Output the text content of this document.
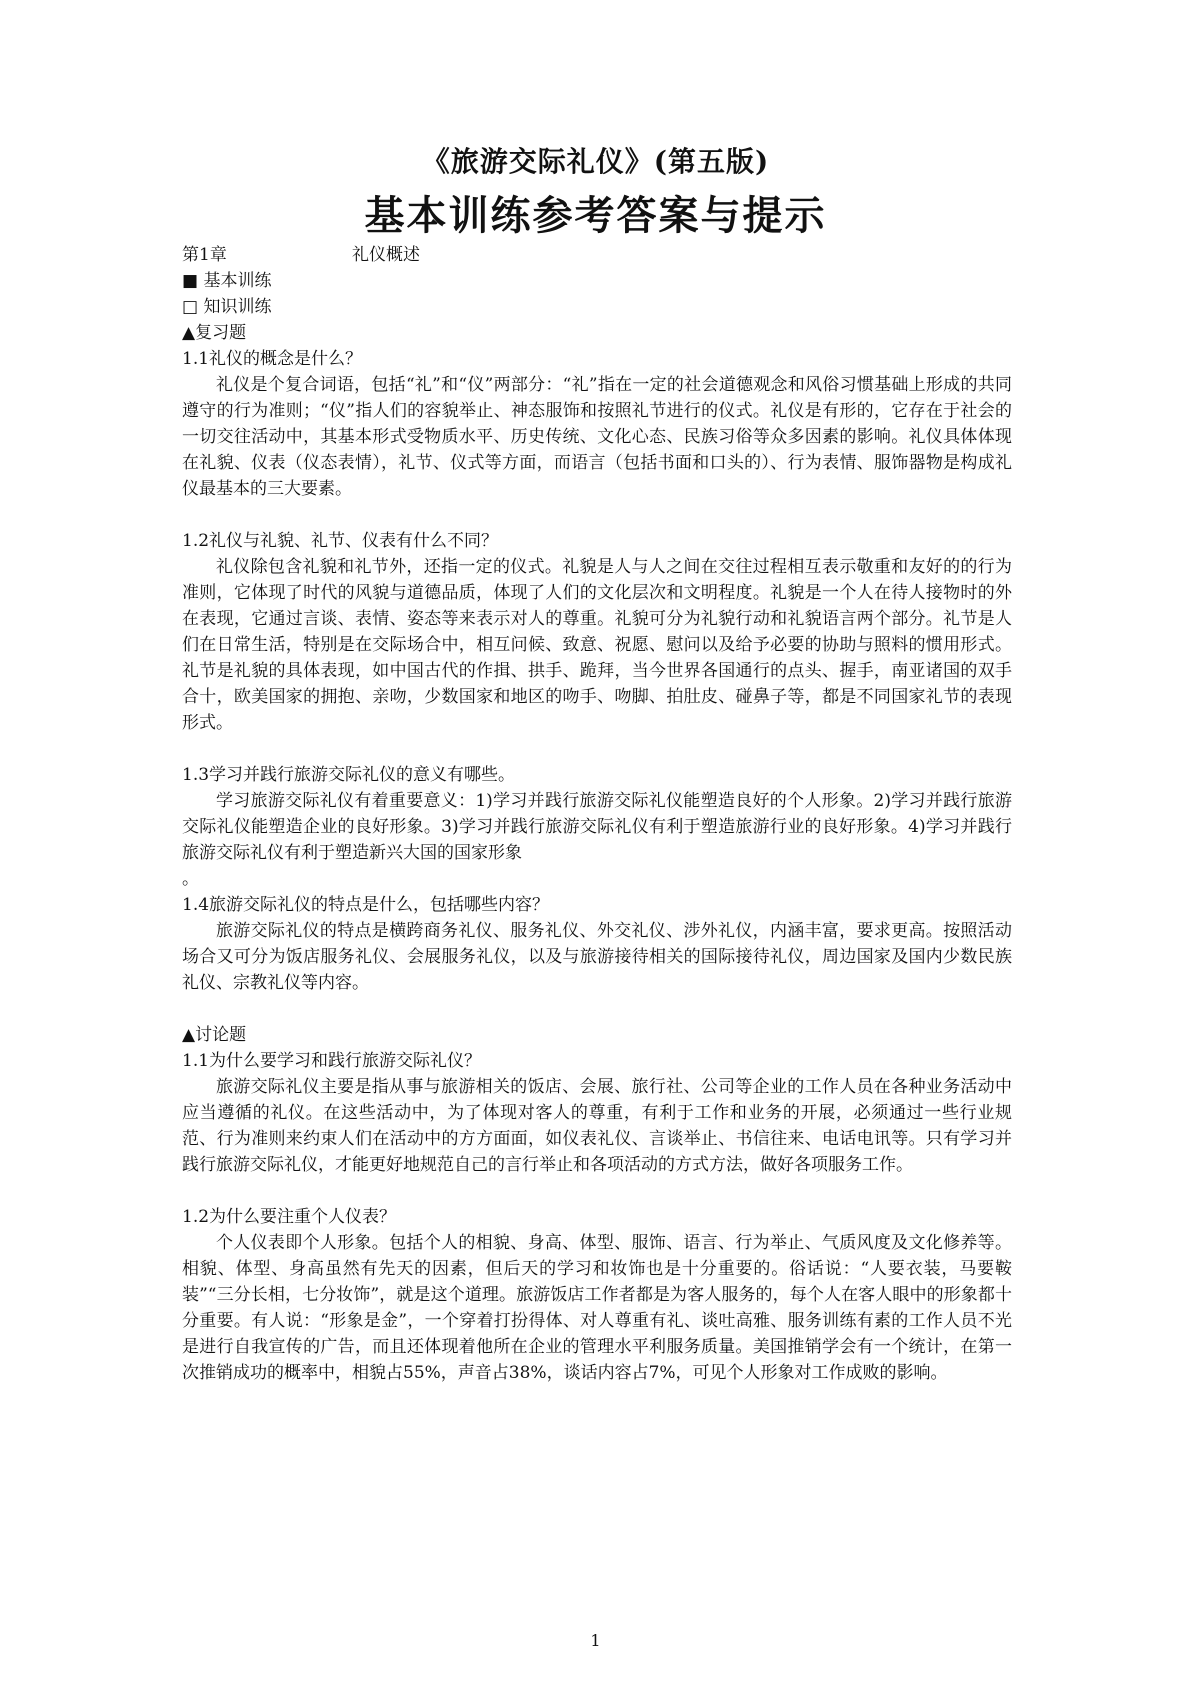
《旅游交际礼仪》(第五版)
基本训练参考答案与提示
第1章	礼仪概述
■ 基本训练
□ 知识训练
▲复习题
1.1礼仪的概念是什么？

礼仪是个复合词语，包括“礼”和“仪”两部分：“礼”指在一定的社会道德观念和风俗习惯基础上形成的共同遵守的行为准则；“仪”指人们的容貌举止、神态服饰和按照礼节进行的仪式。礼仪是有形的，它存在于社会的一切交往活动中，其基本形式受物质水平、历史传统、文化心态、民族习俗等众多因素的影响。礼仪具体体现在礼貌、仪表（仪态表情），礼节、仪式等方面，而语言（包括书面和口头的）、行为表情、服饰器物是构成礼仪最基本的三大要素。

1.2礼仪与礼貌、礼节、仪表有什么不同？

礼仪除包含礼貌和礼节外，还指一定的仪式。礼貌是人与人之间在交往过程相互表示敬重和友好的的行为准则，它体现了时代的风貌与道德品质，体现了人们的文化层次和文明程度。礼貌是一个人在待人接物时的外在表现，它通过言谈、表情、姿态等来表示对人的尊重。礼貌可分为礼貌行动和礼貌语言两个部分。礼节是人们在日常生活，特别是在交际场合中，相互问候、致意、祝愿、慰问以及给予必要的协助与照料的惯用形式。礼节是礼貌的具体表现，如中国古代的作揖、拱手、跪拜，当今世界各国通行的点头、握手，南亚诸国的双手合十，欧美国家的拥抱、亲吻，少数国家和地区的吻手、吻脚、拍肚皮、碰鼻子等，都是不同国家礼节的表现形式。

1.3学习并践行旅游交际礼仪的意义有哪些。

学习旅游交际礼仪有着重要意义：1)学习并践行旅游交际礼仪能塑造良好的个人形象。2)学习并践行旅游交际礼仪能塑造企业的良好形象。3)学习并践行旅游交际礼仪有利于塑造旅游行业的良好形象。4)学习并践行旅游交际礼仪有利于塑造新兴大国的国家形象

。
1.4旅游交际礼仪的特点是什么，包括哪些内容？

旅游交际礼仪的特点是横跨商务礼仪、服务礼仪、外交礼仪、涉外礼仪，内涵丰富，要求更高。按照活动场合又可分为饭店服务礼仪、会展服务礼仪，以及与旅游接待相关的国际接待礼仪，周边国家及国内少数民族礼仪、宗教礼仪等内容。

▲讨论题
1.1为什么要学习和践行旅游交际礼仪？

旅游交际礼仪主要是指从事与旅游相关的饭店、会展、旅行社、公司等企业的工作人员在各种业务活动中应当遵循的礼仪。在这些活动中，为了体现对客人的尊重，有利于工作和业务的开展，必须通过一些行业规范、行为准则来约束人们在活动中的方方面面，如仪表礼仪、言谈举止、书信往来、电话电讯等。只有学习并践行旅游交际礼仪，才能更好地规范自己的言行举止和各项活动的方式方法，做好各项服务工作。

1.2为什么要注重个人仪表？

个人仪表即个人形象。包括个人的相貌、身高、体型、服饰、语言、行为举止、气质风度及文化修养等。相貌、体型、身高虽然有先天的因素，但后天的学习和妆饰也是十分重要的。俗话说：“人要衣装，马要鞍装”“三分长相，七分妆饰”，就是这个道理。旅游饭店工作者都是为客人服务的，每个人在客人眼中的形象都十分重要。有人说：“形象是金”，一个穿着打扮得体、对人尊重有礼、谈吐高雅、服务训练有素的工作人员不光是进行自我宣传的广告，而且还体现着他所在企业的管理水平利服务质量。美国推销学会有一个统计，在第一次推销成功的概率中，相貌占55%，声音占38%，谈话内容占7%，可见个人形象对工作成败的影响。

1
